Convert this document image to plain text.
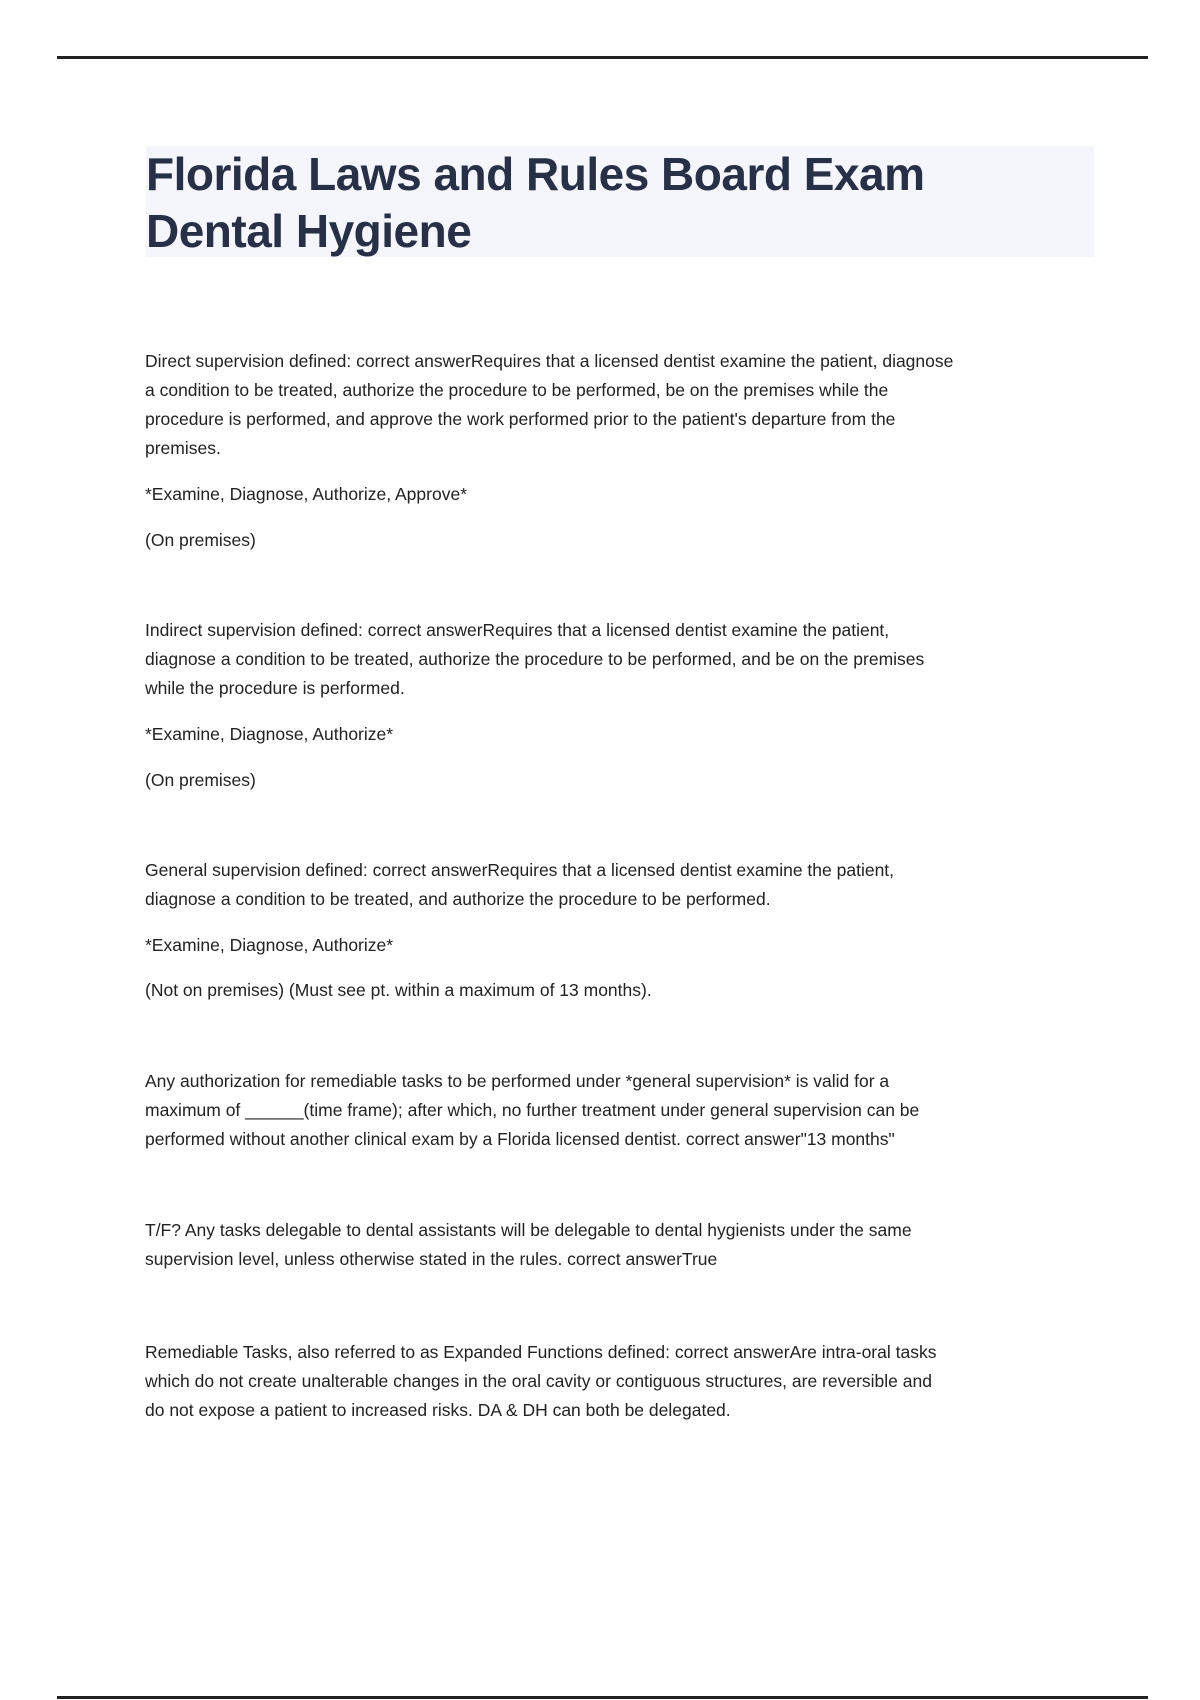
Florida Laws and Rules Board Exam
Dental Hygiene
Direct supervision defined: correct answerRequires that a licensed dentist examine the patient, diagnose
a condition to be treated, authorize the procedure to be performed, be on the premises while the
procedure is performed, and approve the work performed prior to the patient's departure from the
premises.
*Examine, Diagnose, Authorize, Approve*
(On premises)
Indirect supervision defined: correct answerRequires that a licensed dentist examine the patient,
diagnose a condition to be treated, authorize the procedure to be performed, and be on the premises
while the procedure is performed.
*Examine, Diagnose, Authorize*
(On premises)
General supervision defined: correct answerRequires that a licensed dentist examine the patient,
diagnose a condition to be treated, and authorize the procedure to be performed.
*Examine, Diagnose, Authorize*
(Not on premises) (Must see pt. within a maximum of 13 months).
Any authorization for remediable tasks to be performed under *general supervision* is valid for a
maximum of ______(time frame); after which, no further treatment under general supervision can be
performed without another clinical exam by a Florida licensed dentist. correct answer"13 months"
T/F? Any tasks delegable to dental assistants will be delegable to dental hygienists under the same
supervision level, unless otherwise stated in the rules. correct answerTrue
Remediable Tasks, also referred to as Expanded Functions defined: correct answerAre intra-oral tasks
which do not create unalterable changes in the oral cavity or contiguous structures, are reversible and
do not expose a patient to increased risks. DA & DH can both be delegated.
